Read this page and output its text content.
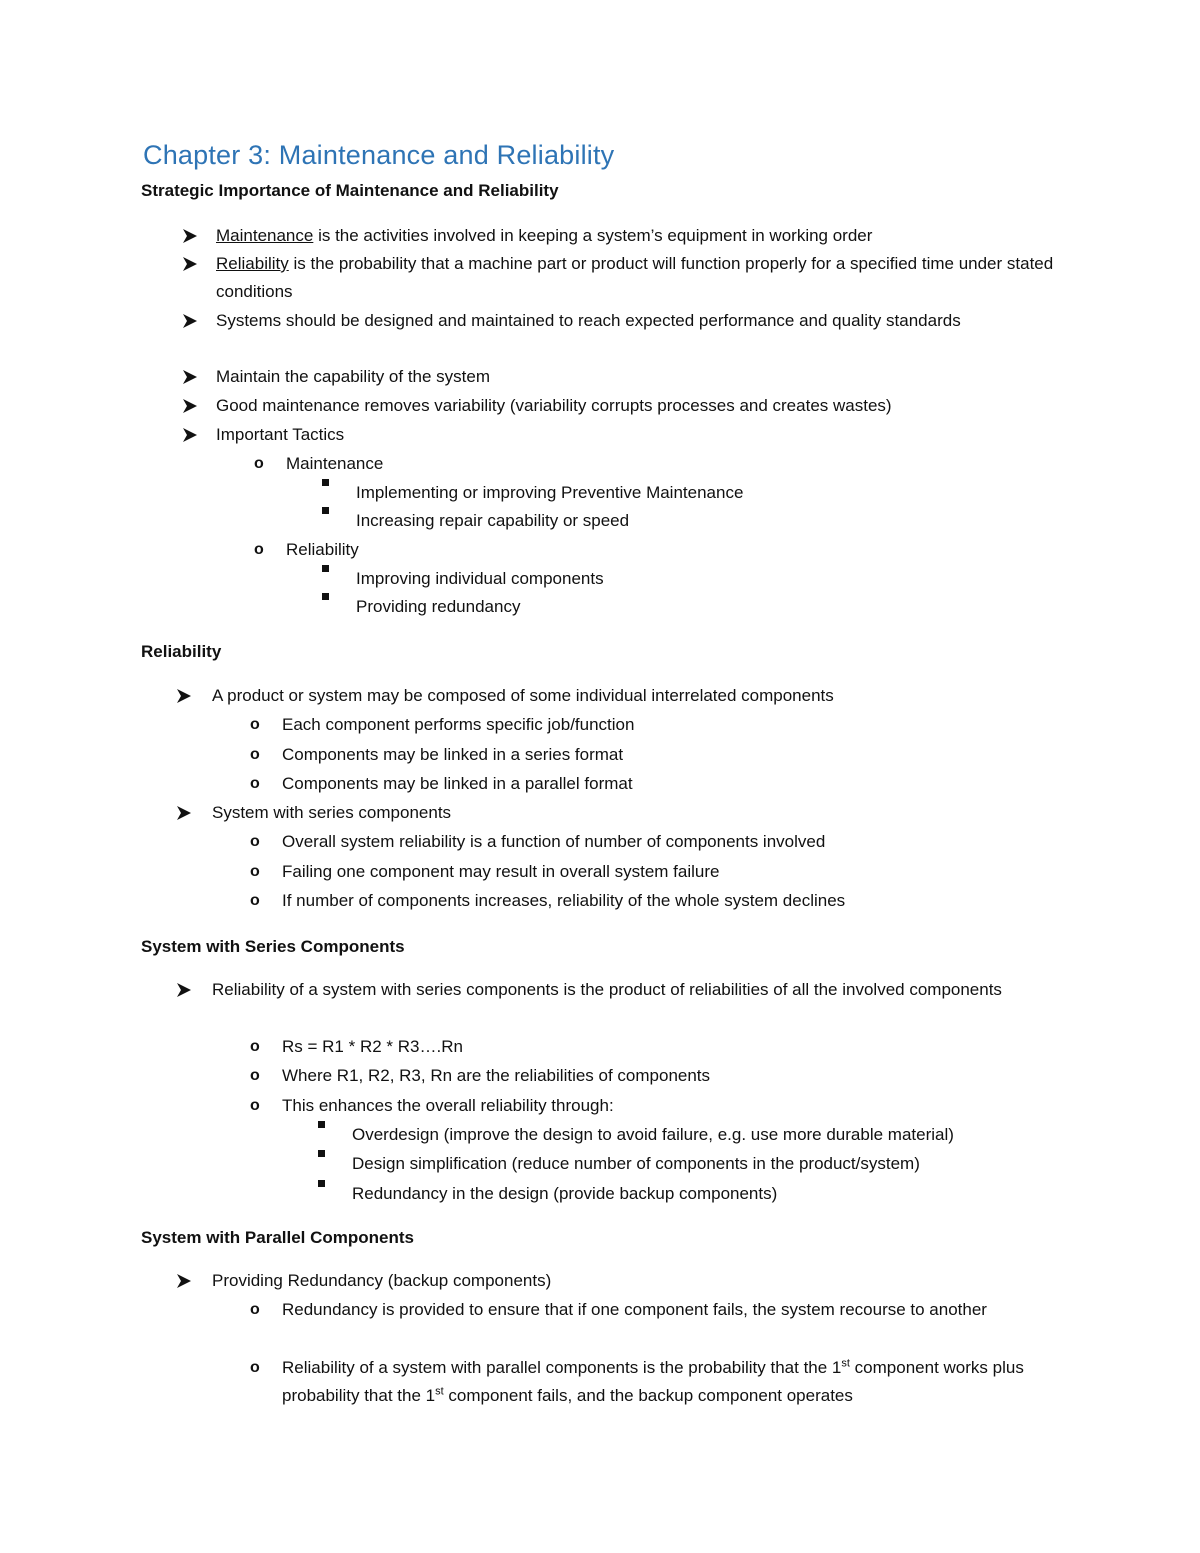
Chapter 3: Maintenance and Reliability
Strategic Importance of Maintenance and Reliability
Maintenance is the activities involved in keeping a system’s equipment in working order
Reliability is the probability that a machine part or product will function properly for a specified time under stated conditions
Systems should be designed and maintained to reach expected performance and quality standards
Maintain the capability of the system
Good maintenance removes variability (variability corrupts processes and creates wastes)
Important Tactics
o Maintenance
Implementing or improving Preventive Maintenance
Increasing repair capability or speed
o Reliability
Improving individual components
Providing redundancy
Reliability
A product or system may be composed of some individual interrelated components
o Each component performs specific job/function
o Components may be linked in a series format
o Components may be linked in a parallel format
System with series components
o Overall system reliability is a function of number of components involved
o Failing one component may result in overall system failure
o If number of components increases, reliability of the whole system declines
System with Series Components
Reliability of a system with series components is the product of reliabilities of all the involved components
o Rs = R1 * R2 * R3….Rn
o Where R1, R2, R3, Rn are the reliabilities of components
o This enhances the overall reliability through:
Overdesign (improve the design to avoid failure, e.g. use more durable material)
Design simplification (reduce number of components in the product/system)
Redundancy in the design (provide backup components)
System with Parallel Components
Providing Redundancy (backup components)
o Redundancy is provided to ensure that if one component fails, the system recourse to another
o Reliability of a system with parallel components is the probability that the 1st component works plus probability that the 1st component fails, and the backup component operates
